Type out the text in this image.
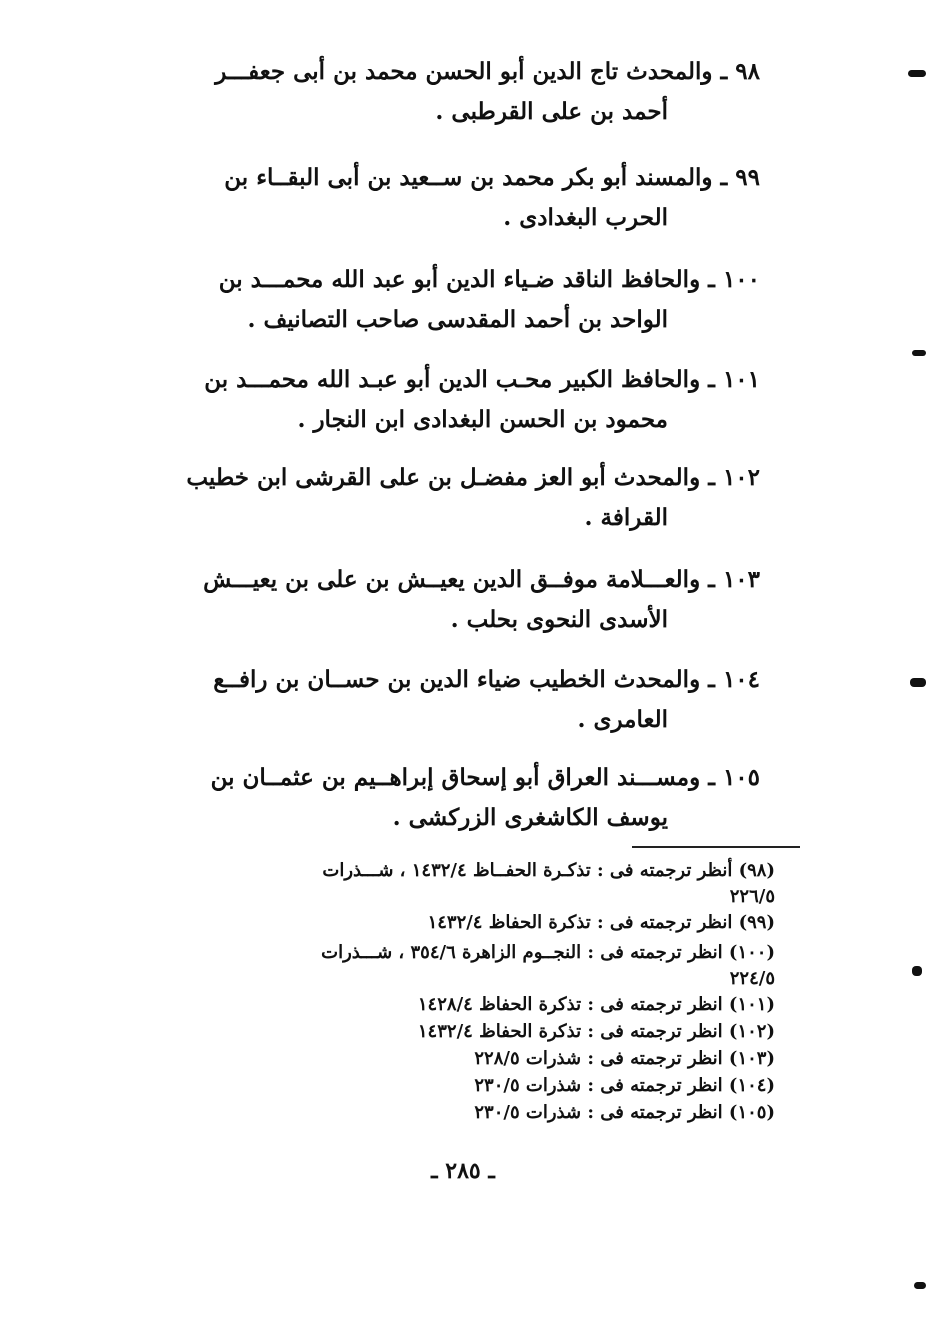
٩٨ ـ والمحدث تاج الدين أبو الحسن محمد بن أبى جعفـــر
أحمد بن على القرطبى .
٩٩ ـ والمسند أبو بكر محمد بن ســعيد بن أبى البقــاء بن
الحرب البغدادى .
١٠٠ ـ والحافظ الناقد ضـياء الدين أبو عبد الله محمـــد بن
الواحد بن أحمد المقدسى صاحب التصانيف .
١٠١ ـ والحافظ الكبير محـب الدين أبو عبـد الله محمـــد بن
محمود بن الحسن البغدادى ابن النجار .
١٠٢ ـ والمحدث أبو العز مفضـل بن على القرشى ابن خطيب
القرافة .
١٠٣ ـ والعـــلامة موفــق الدين يعيــش بن على بن يعيـــش
الأسدى النحوى بحلب .
١٠٤ ـ والمحدث الخطيب ضياء الدين بن حســان بن رافــع
العامرى .
١٠٥ ـ ومســـند العراق أبو إسحاق إبراهــيم بن عثمــان بن
يوسف الكاشغرى الزركشى .
(٩٨) أنظر ترجمته فى : تذكـرة الحفــاظ ١٤٣٢/٤ ، شـــذرات
٢٢٦/٥
(٩٩) انظر ترجمته فى : تذكرة الحفاظ ١٤٣٢/٤
(١٠٠) انظر ترجمته فى : النجــوم الزاهرة ٣٥٤/٦ ، شـــذرات
٢٢٤/٥
(١٠١) انظر ترجمته فى : تذكرة الحفاظ ١٤٢٨/٤
(١٠٢) انظر ترجمته فى : تذكرة الحفاظ ١٤٣٢/٤
(١٠٣) انظر ترجمته فى : شذرات ٢٢٨/٥
(١٠٤) انظر ترجمته فى : شذرات ٢٣٠/٥
(١٠٥) انظر ترجمته فى : شذرات ٢٣٠/٥
ـ ٢٨٥ ـ
